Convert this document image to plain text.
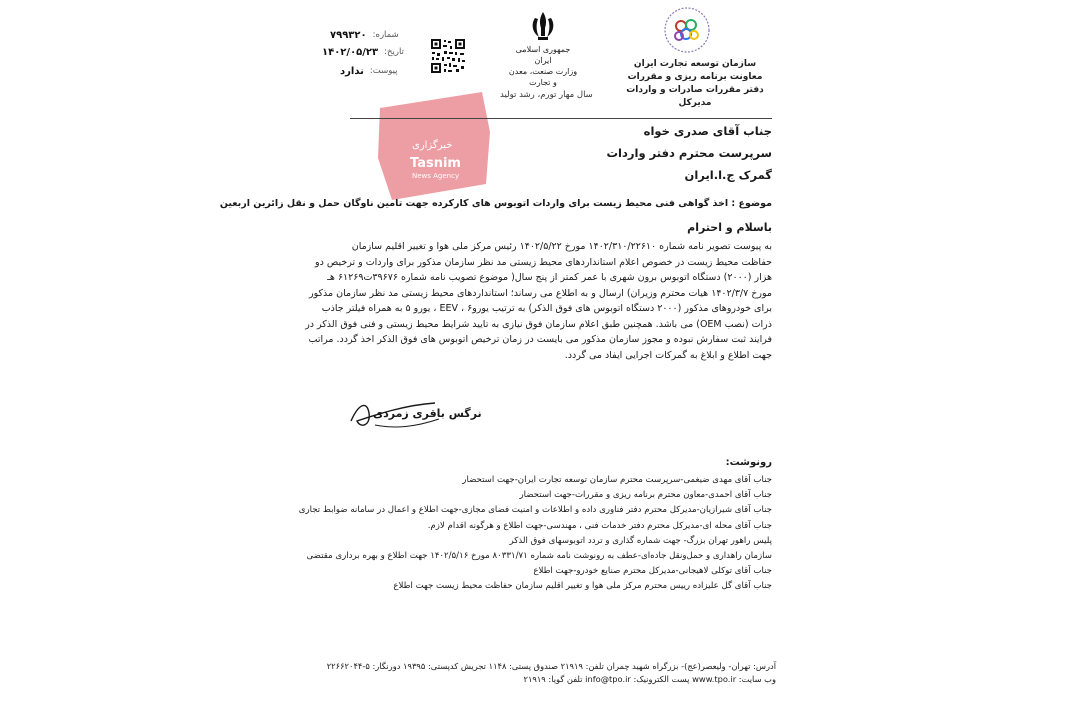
شماره:
۷۹۹۳۲۰
تاریخ:
۱۴۰۲/۰۵/۲۳
پیوست:
ندارد
جمهوری اسلامی ایران
وزارت صنعت، معدن و تجارت
سال مهار تورم، رشد تولید
سازمان توسعه تجارت ایران
معاونت برنامه ریزی و مقررات
دفتر مقررات صادرات و واردات
مدیرکل
خبرگزاری
Tasnim
News Agency
جناب آقای صدری خواه
سرپرست محترم دفتر واردات
گمرک ج.ا.ایران
موضوع : اخذ گواهی فنی محیط زیست برای واردات اتوبوس های کارکرده جهت تامین ناوگان حمل و نقل زائرین اربعین
باسلام و احترام
به پیوست تصویر نامه شماره ۱۴۰۲/۳۱۰/۲۲۶۱۰ مورخ ۱۴۰۲/۵/۲۲ رئیس مرکز ملی هوا و تغییر اقلیم سازمان
حفاظت محیط زیست در خصوص اعلام استانداردهای محیط زیستی مد نظر سازمان مذکور برای واردات و ترخیص دو
هزار (۲۰۰۰) دستگاه اتوبوس برون شهری با عمر کمتر از پنج سال( موضوع تصویب نامه شماره ۳۹۶۷۶ت۶۱۲۶۹ هـ
مورخ ۱۴۰۲/۳/۷ هیات محترم وزیران) ارسال و به اطلاع می رساند؛ استانداردهای محیط زیستی مد نظر سازمان مذکور
برای خودروهای مذکور (۲۰۰۰ دستگاه اتوبوس های فوق الذکر) به ترتیب یورو۶ ، EEV ، یورو ۵ به همراه فیلتر جاذب
ذرات (نصب OEM) می باشد. همچنین طبق اعلام سازمان فوق نیازی به تایید شرایط محیط زیستی و فنی فوق الذکر در
فرایند ثبت سفارش نبوده و مجوز سازمان مذکور می بایست در زمان ترخیص اتوبوس های فوق الذکر اخذ گردد. مراتب
جهت اطلاع و ابلاغ به گمرکات اجرایی ایفاد می گردد.
نرگس باقری زمردی
رونوشت:
جناب آقای مهدی ضیغمی-سرپرست محترم سازمان توسعه تجارت ایران-جهت استحضار
جناب آقای احمدی-معاون محترم برنامه ریزی و مقررات-جهت استحضار
جناب آقای شیرازیان-مدیرکل محترم دفتر فناوری داده و اطلاعات و امنیت فضای مجازی-جهت اطلاع و اعمال در سامانه ضوابط تجاری
جناب آقای محله ای-مدیرکل محترم دفتر خدمات فنی ، مهندسی-جهت اطلاع و هرگونه اقدام لازم.
پلیس راهور تهران بزرگ- جهت شماره گذاری و تردد اتوبوسهای فوق الذکر
سازمان راهداری و حمل‌ونقل جاده‌ای-عطف به رونوشت نامه شماره ۸۰۳۳۱/۷۱ مورخ ۱۴۰۲/۵/۱۶ جهت اطلاع و بهره برداری مقتضی
جناب آقای توکلی لاهیجانی-مدیرکل محترم صنایع خودرو-جهت اطلاع
جناب آقای گل علیزاده رییس محترم مرکز ملی هوا و تغییر اقلیم سازمان حفاظت محیط زیست جهت اطلاع
آدرس: تهران- ولیعصر(عج)- بزرگراه شهید چمران تلفن: ۲۱۹۱۹ صندوق پستی: ۱۱۴۸ تجریش کدپستی: ۱۹۳۹۵ دورنگار: ۵-۲۲۶۶۲۰۴۴
وب سایت: www.tpo.ir پست الکترونیک: info@tpo.ir تلفن گویا: ۲۱۹۱۹
